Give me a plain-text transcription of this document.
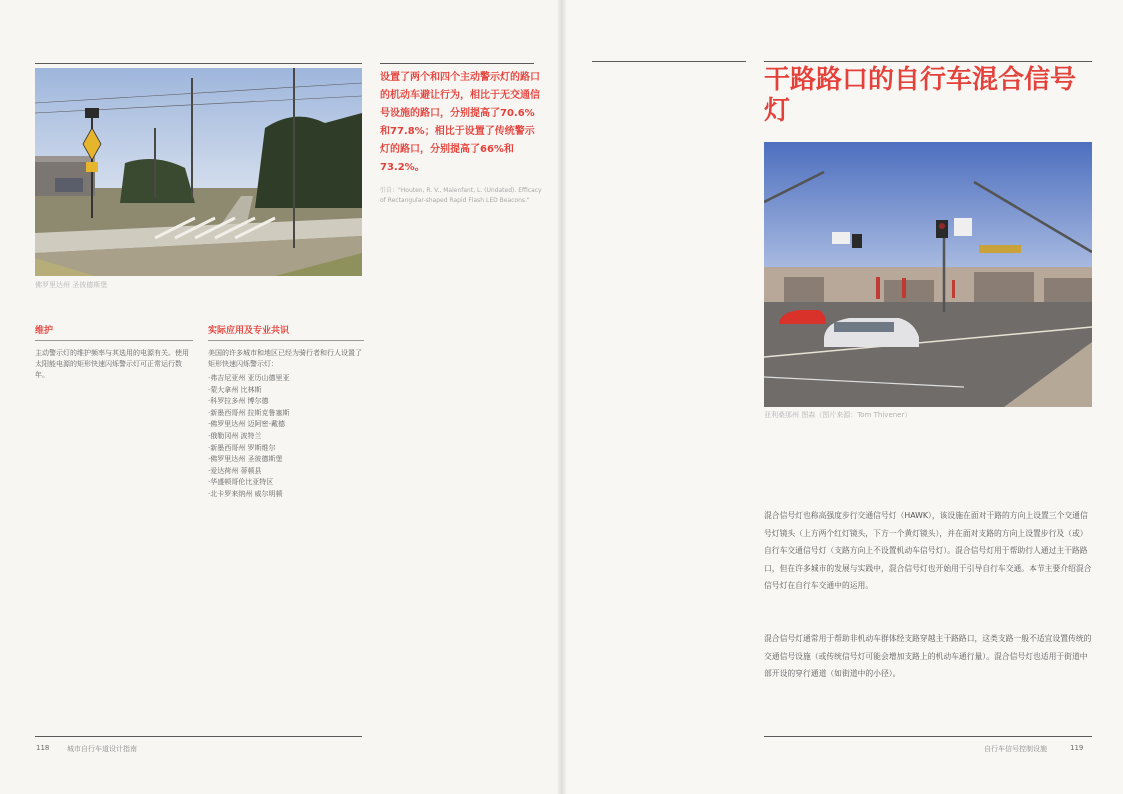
佛罗里达州 圣彼德斯堡
设置了两个和四个主动警示灯的路口的机动车避让行为，相比于无交通信号设施的路口，分别提高了70.6%和77.8%；相比于设置了传统警示灯的路口，分别提高了66%和73.2%。
引自："Houten, R. V., Malenfant, L. (Undated). Efficacy of Rectangular-shaped Rapid Flash LED Beacons."
维护
主动警示灯的维护频率与其选用的电源有关。使用太阳能电源的矩形快速闪烁警示灯可正常运行数年。
实际应用及专业共识
美国的许多城市和地区已经为骑行者和行人设置了矩形快速闪烁警示灯：
· 弗吉尼亚州 亚历山德里亚
· 蒙大拿州 比林斯
· 科罗拉多州 博尔德
· 新墨西哥州 拉斯克鲁塞斯
· 佛罗里达州 迈阿密-戴德
· 俄勒冈州 波特兰
· 新墨西哥州 罗斯维尔
· 佛罗里达州 圣彼德斯堡
· 爱达荷州 蒂顿县
· 华盛顿哥伦比亚特区
· 北卡罗来纳州 威尔明顿
118	城市自行车道设计指南
干路路口的自行车混合信号灯
亚利桑那州 图森（图片来源：Tom Thivener）

混合信号灯也称高强度步行交通信号灯（HAWK），该设施在面对干路的方向上设置三个交通信号灯镜头（上方两个红灯镜头，下方一个黄灯镜头），并在面对支路的方向上设置步行及（或）自行车交通信号灯（支路方向上不设置机动车信号灯）。混合信号灯用于帮助行人通过主干路路口，但在许多城市的发展与实践中，混合信号灯也开始用于引导自行车交通。本节主要介绍混合信号灯在自行车交通中的运用。

混合信号灯通常用于帮助非机动车群体经支路穿越主干路路口，这类支路一般不适宜设置传统的交通信号设施（或传统信号灯可能会增加支路上的机动车通行量）。混合信号灯也适用于街道中部开设的穿行通道（如街道中的小径）。

自行车信号控制设施	119
